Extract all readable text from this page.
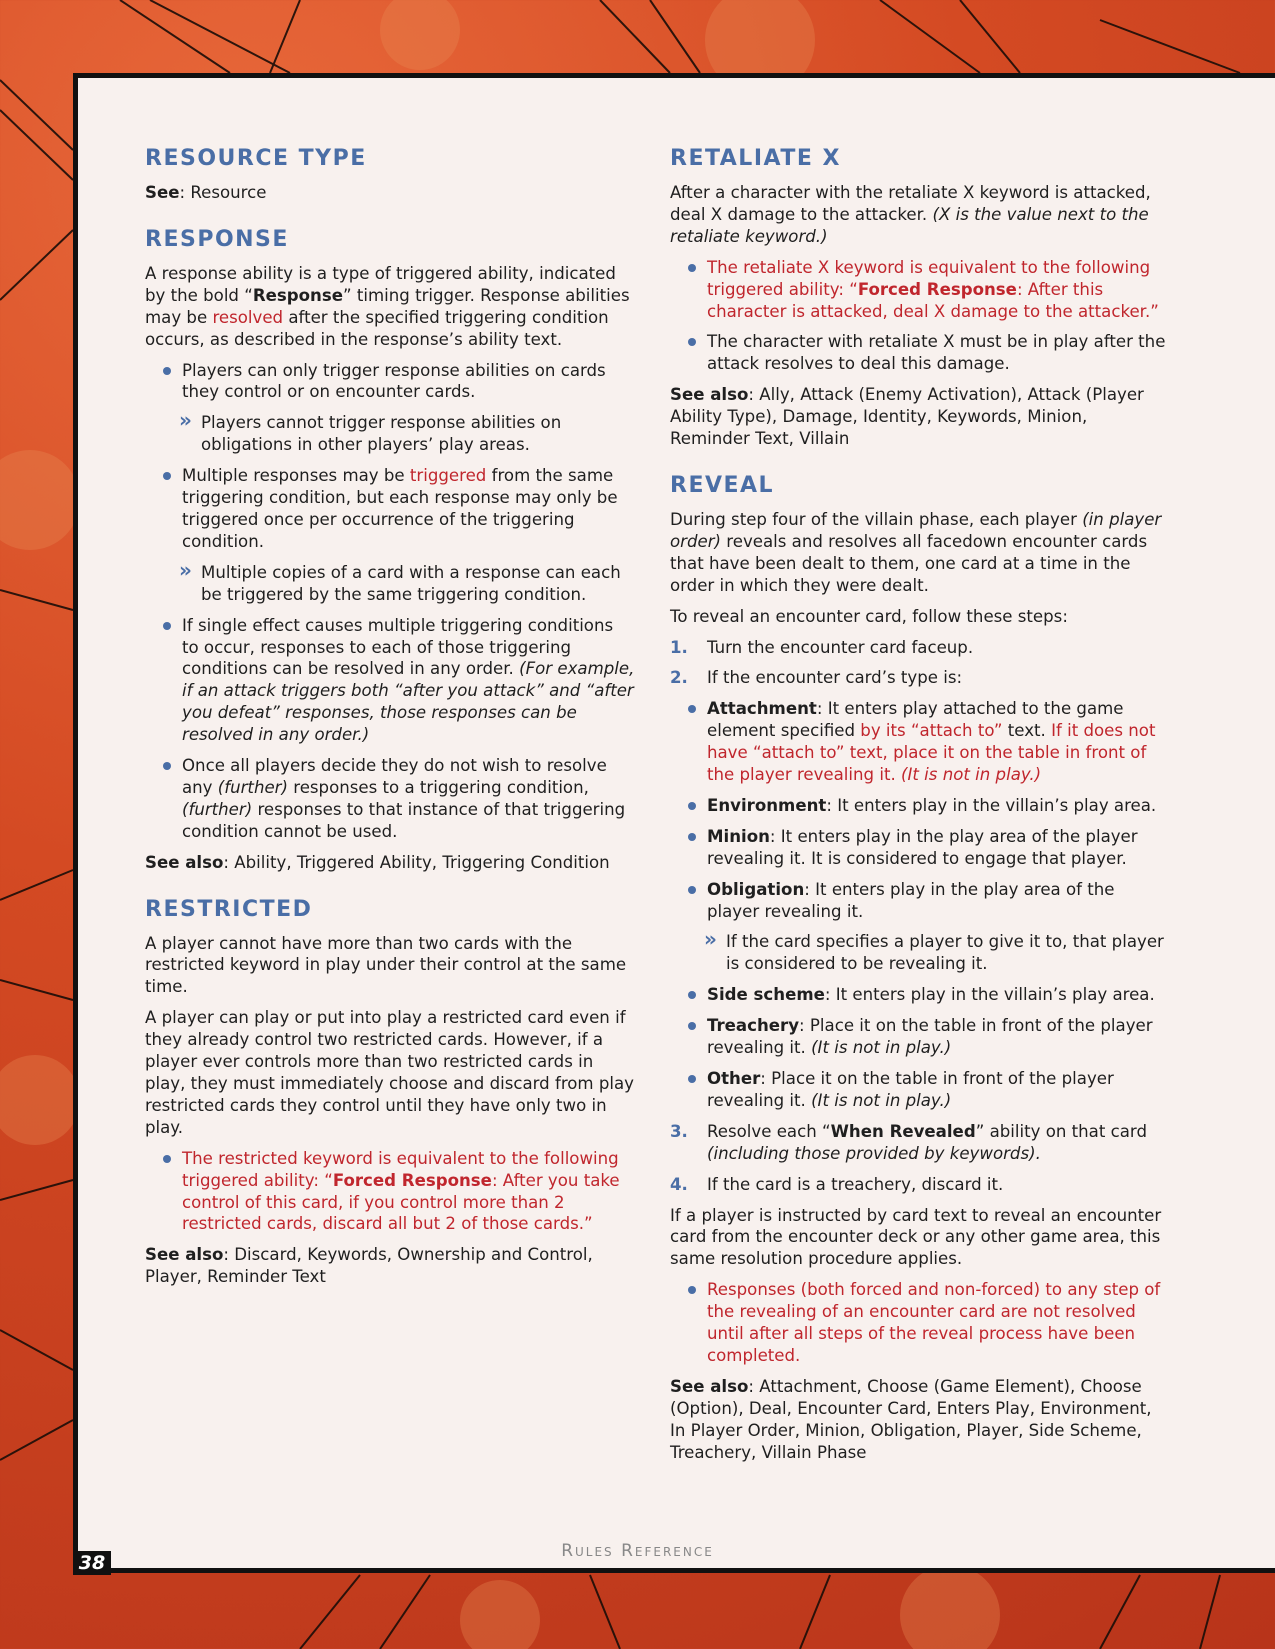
RESOURCE TYPE

See: Resource

RESPONSE

A response ability is a type of triggered ability, indicated by the bold “Response” timing trigger. Response abilities may be resolved after the specified triggering condition occurs, as described in the response’s ability text.

Players can only trigger response abilities on cards they control or on encounter cards.
» Players cannot trigger response abilities on obligations in other players’ play areas.
Multiple responses may be triggered from the same triggering condition, but each response may only be triggered once per occurrence of the triggering condition.
» Multiple copies of a card with a response can each be triggered by the same triggering condition.
If single effect causes multiple triggering conditions to occur, responses to each of those triggering conditions can be resolved in any order. (For example, if an attack triggers both “after you attack” and “after you defeat” responses, those responses can be resolved in any order.)
Once all players decide they do not wish to resolve any (further) responses to a triggering condition, (further) responses to that instance of that triggering condition cannot be used.

See also: Ability, Triggered Ability, Triggering Condition

RESTRICTED

A player cannot have more than two cards with the restricted keyword in play under their control at the same time.

A player can play or put into play a restricted card even if they already control two restricted cards. However, if a player ever controls more than two restricted cards in play, they must immediately choose and discard from play restricted cards they control until they have only two in play.

The restricted keyword is equivalent to the following triggered ability: “Forced Response: After you take control of this card, if you control more than 2 restricted cards, discard all but 2 of those cards.”

See also: Discard, Keywords, Ownership and Control, Player, Reminder Text

RETALIATE X

After a character with the retaliate X keyword is attacked, deal X damage to the attacker. (X is the value next to the retaliate keyword.)

The retaliate X keyword is equivalent to the following triggered ability: “Forced Response: After this character is attacked, deal X damage to the attacker.”
The character with retaliate X must be in play after the attack resolves to deal this damage.

See also: Ally, Attack (Enemy Activation), Attack (Player Ability Type), Damage, Identity, Keywords, Minion, Reminder Text, Villain

REVEAL

During step four of the villain phase, each player (in player order) reveals and resolves all facedown encounter cards that have been dealt to them, one card at a time in the order in which they were dealt.

To reveal an encounter card, follow these steps:

1. Turn the encounter card faceup.
2. If the encounter card’s type is:
Attachment: It enters play attached to the game element specified by its “attach to” text. If it does not have “attach to” text, place it on the table in front of the player revealing it. (It is not in play.)
Environment: It enters play in the villain’s play area.
Minion: It enters play in the play area of the player revealing it. It is considered to engage that player.
Obligation: It enters play in the play area of the player revealing it.
» If the card specifies a player to give it to, that player is considered to be revealing it.
Side scheme: It enters play in the villain’s play area.
Treachery: Place it on the table in front of the player revealing it. (It is not in play.)
Other: Place it on the table in front of the player revealing it. (It is not in play.)
3. Resolve each “When Revealed” ability on that card (including those provided by keywords).
4. If the card is a treachery, discard it.

If a player is instructed by card text to reveal an encounter card from the encounter deck or any other game area, this same resolution procedure applies.

Responses (both forced and non-forced) to any step of the revealing of an encounter card are not resolved until after all steps of the reveal process have been completed.

See also: Attachment, Choose (Game Element), Choose (Option), Deal, Encounter Card, Enters Play, Environment, In Player Order, Minion, Obligation, Player, Side Scheme, Treachery, Villain Phase

Rules Reference
38
